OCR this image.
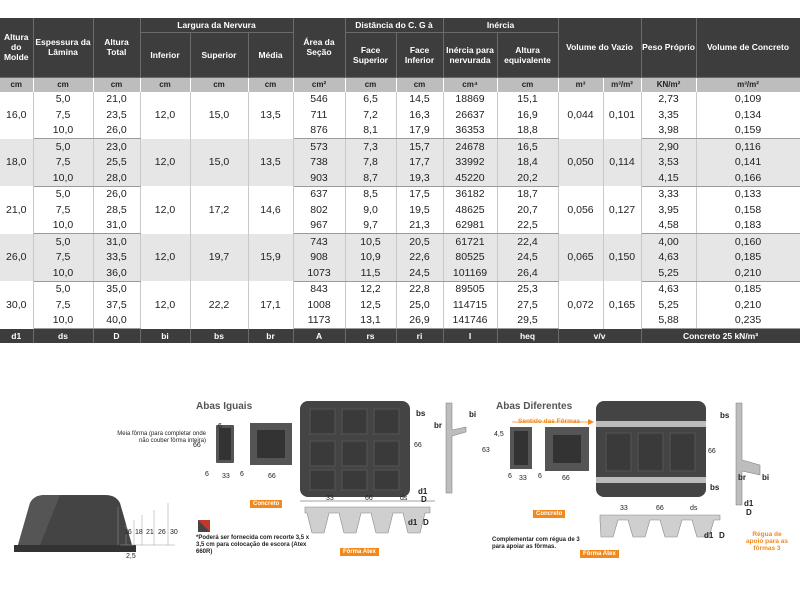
Altura do Molde	Espessura da Lâmina	Altura Total	Largura da Nervura			Área da Seção	Distância do C. G à		Inércia		Volume do Vazio		Peso Próprio	Volume de Concreto
			Inferior	Superior	Média		Face Superior	Face Inferior	Inércia para nervurada	Altura equivalente				
cm	cm	cm	cm	cm	cm	cm²	cm	cm	cm⁴	cm	m³	m³/m²	KN/m²	m³/m²
16,0	5,0	21,0	12,0	15,0	13,5	546	6,5	14,5	18869	15,1	0,044	0,101	2,73	0,109
	7,5	23,5				711	7,2	16,3	26637	16,9			3,35	0,134
	10,0	26,0				876	8,1	17,9	36353	18,8			3,98	0,159
18,0	5,0	23,0	12,0	15,0	13,5	573	7,3	15,7	24678	16,5	0,050	0,114	2,90	0,116
	7,5	25,5				738	7,8	17,7	33992	18,4			3,53	0,141
	10,0	28,0				903	8,7	19,3	45220	20,2			4,15	0,166
21,0	5,0	26,0	12,0	17,2	14,6	637	8,5	17,5	36182	18,7	0,056	0,127	3,33	0,133
	7,5	28,5				802	9,0	19,5	48625	20,7			3,95	0,158
	10,0	31,0				967	9,7	21,3	62981	22,5			4,58	0,183
26,0	5,0	31,0	12,0	19,7	15,9	743	10,5	20,5	61721	22,4	0,065	0,150	4,00	0,160
	7,5	33,5				908	10,9	22,6	80525	24,5			4,63	0,185
	10,0	36,0				1073	11,5	24,5	101169	26,4			5,25	0,210
30,0	5,0	35,0	12,0	22,2	17,1	843	12,2	22,8	89505	25,3	0,072	0,165	4,63	0,185
	7,5	37,5				1008	12,5	25,0	114715	27,5			5,25	0,210
	10,0	40,0				1173	13,1	26,9	141746	29,5			5,88	0,235
d1	ds	D	bi	bs	br	A	rs	ri	I	heq	v/v		Concreto 25 kN/m³	
Abas Iguais	Abas Diferentes
Meia fôrma (para completar onde não couber fôrma inteira)
Sentido das Fôrmas
Concreto
Fôrma Atex
Concreto
Fôrma Atex
*Poderá ser fornecida com recorte 3,5 x 3,5 cm para colocação de escora (Atex 660R)
Complementar com régua de 3 para apoiar as fôrmas.
Régua de apoio para as fôrmas 3
6
66
6 33 6	66
66
33	66	ds
bs	bi
br
d1
D
d1 D
4,5
63
6 33 6	66
66
33	66	ds
bs
br bi
bs
d1
D
d1 D
16 18 21 26 30
2,5
